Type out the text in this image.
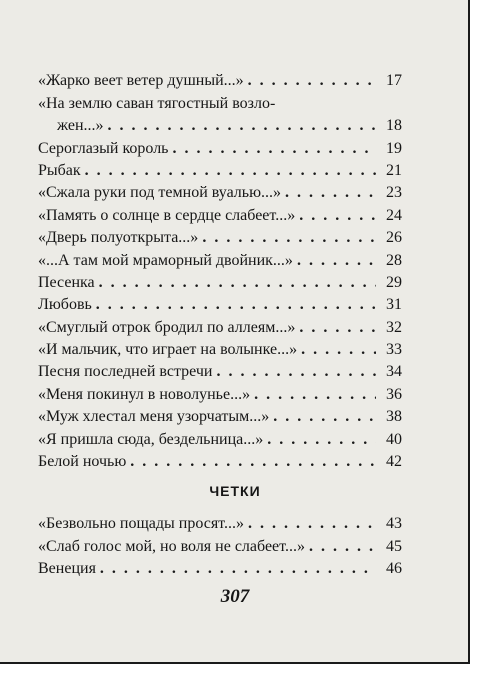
«Жарко веет ветер душный...» . .	17
«На землю саван тягостный возло-
жен...» . .	18
Сероглазый король . .	19
Рыбак . .	21
«Сжала руки под темной вуалью...» . .	23
«Память о солнце в сердце слабеет...» . .	24
«Дверь полуоткрыта...» . .	26
«...А там мой мраморный двойник...» . .	28
Песенка . .	29
Любовь . .	31
«Смуглый отрок бродил по аллеям...» . .	32
«И мальчик, что играет на волынке...» . .	33
Песня последней встречи . .	34
«Меня покинул в новолунье...» . .	36
«Муж хлестал меня узорчатым...» . .	38
«Я пришла сюда, бездельница...» . .	40
Белой ночью . .	42
ЧЕТКИ
«Безвольно пощады просят...» . .	43
«Слаб голос мой, но воля не слабеет...» . .	45
Венеция . .	46
307
